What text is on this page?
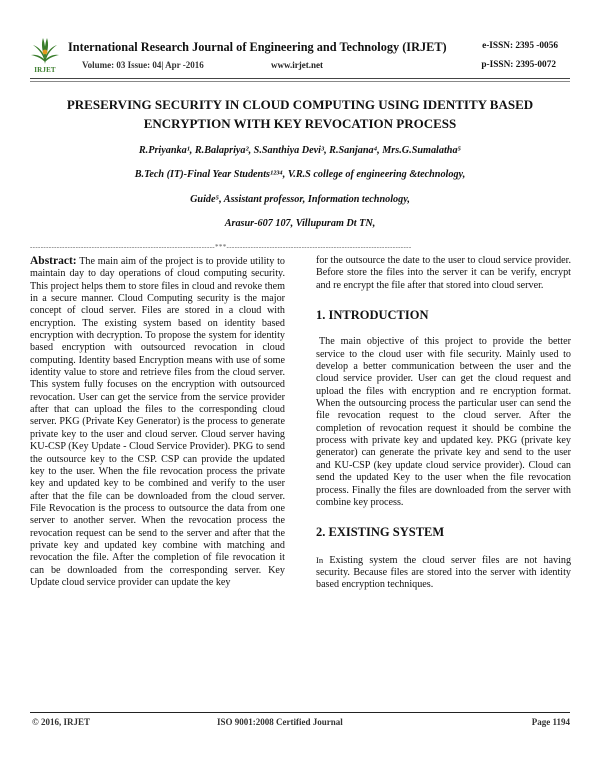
IRJET
International Research Journal of Engineering and Technology (IRJET)
Volume: 03 Issue: 04| Apr -2016	www.irjet.net
e-ISSN: 2395 -0056
p-ISSN: 2395-0072
PRESERVING SECURITY IN CLOUD COMPUTING USING IDENTITY BASED ENCRYPTION WITH KEY REVOCATION PROCESS
R.Priyanka¹, R.Balapriya², S.Santhiya Devi³, R.Sanjana⁴, Mrs.G.Sumalatha⁵
B.Tech (IT)-Final Year Students¹²³⁴, V.R.S college of engineering &technology,
Guide⁵, Assistant professor, Information technology,
Arasur-607 107, Villupuram Dt TN,
---------------------------------------------------------------------***---------------------------------------------------------------------

Abstract: The main aim of the project is to provide utility to maintain day to day operations of cloud computing security. This project helps them to store files in cloud and revoke them in a secure manner. Cloud Computing security is the major concept of cloud server. Files are stored in a cloud with encryption. The existing system based on identity based encryption with decryption. To propose the system for identity based encryption with outsourced revocation in cloud computing. Identity based Encryption means with use of some identity value to store and retrieve files from the cloud server. This system fully focuses on the encryption with outsourced revocation. User can get the service from the service provider after that can upload the files to the corresponding cloud server. PKG (Private Key Generator) is the process to generate private key to the user and cloud server. Cloud server having KU-CSP (Key Update - Cloud Service Provider). PKG to send the outsource key to the CSP. CSP can provide the updated key to the user. When the file revocation process the private key and updated key to be combined and verify to the user after that the file can be downloaded from the cloud server. File Revocation is the process to outsource the data from one server to another server. When the revocation process the revocation request can be send to the server and after that the private key and updated key combine with matching and revocation the file. After the completion of file revocation it can be downloaded from the corresponding server. Key Update cloud service provider can update the key

for the outsource the date to the user to cloud service provider. Before store the files into the server it can be verify, encrypt and re encrypt the file after that stored into cloud server.

1. INTRODUCTION

The main objective of this project to provide the better service to the cloud user with file security. Mainly used to develop a better communication between the user and the cloud service provider. User can get the cloud request and upload the files with encryption and re encryption format. When the outsourcing process the particular user can send the file revocation request to the cloud server. After the completion of revocation request it should be combine the process with private key and updated key. PKG (private key generator) can generate the private key and send to the user and KU-CSP (key update cloud service provider). Cloud can send the updated Key to the user when the file revocation process. Finally the files are downloaded from the server with combine key process.

2. EXISTING SYSTEM

In Existing system the cloud server files are not having security. Because files are stored into the server with identity based encryption techniques.

© 2016, IRJET	ISO 9001:2008 Certified Journal	Page 1194
